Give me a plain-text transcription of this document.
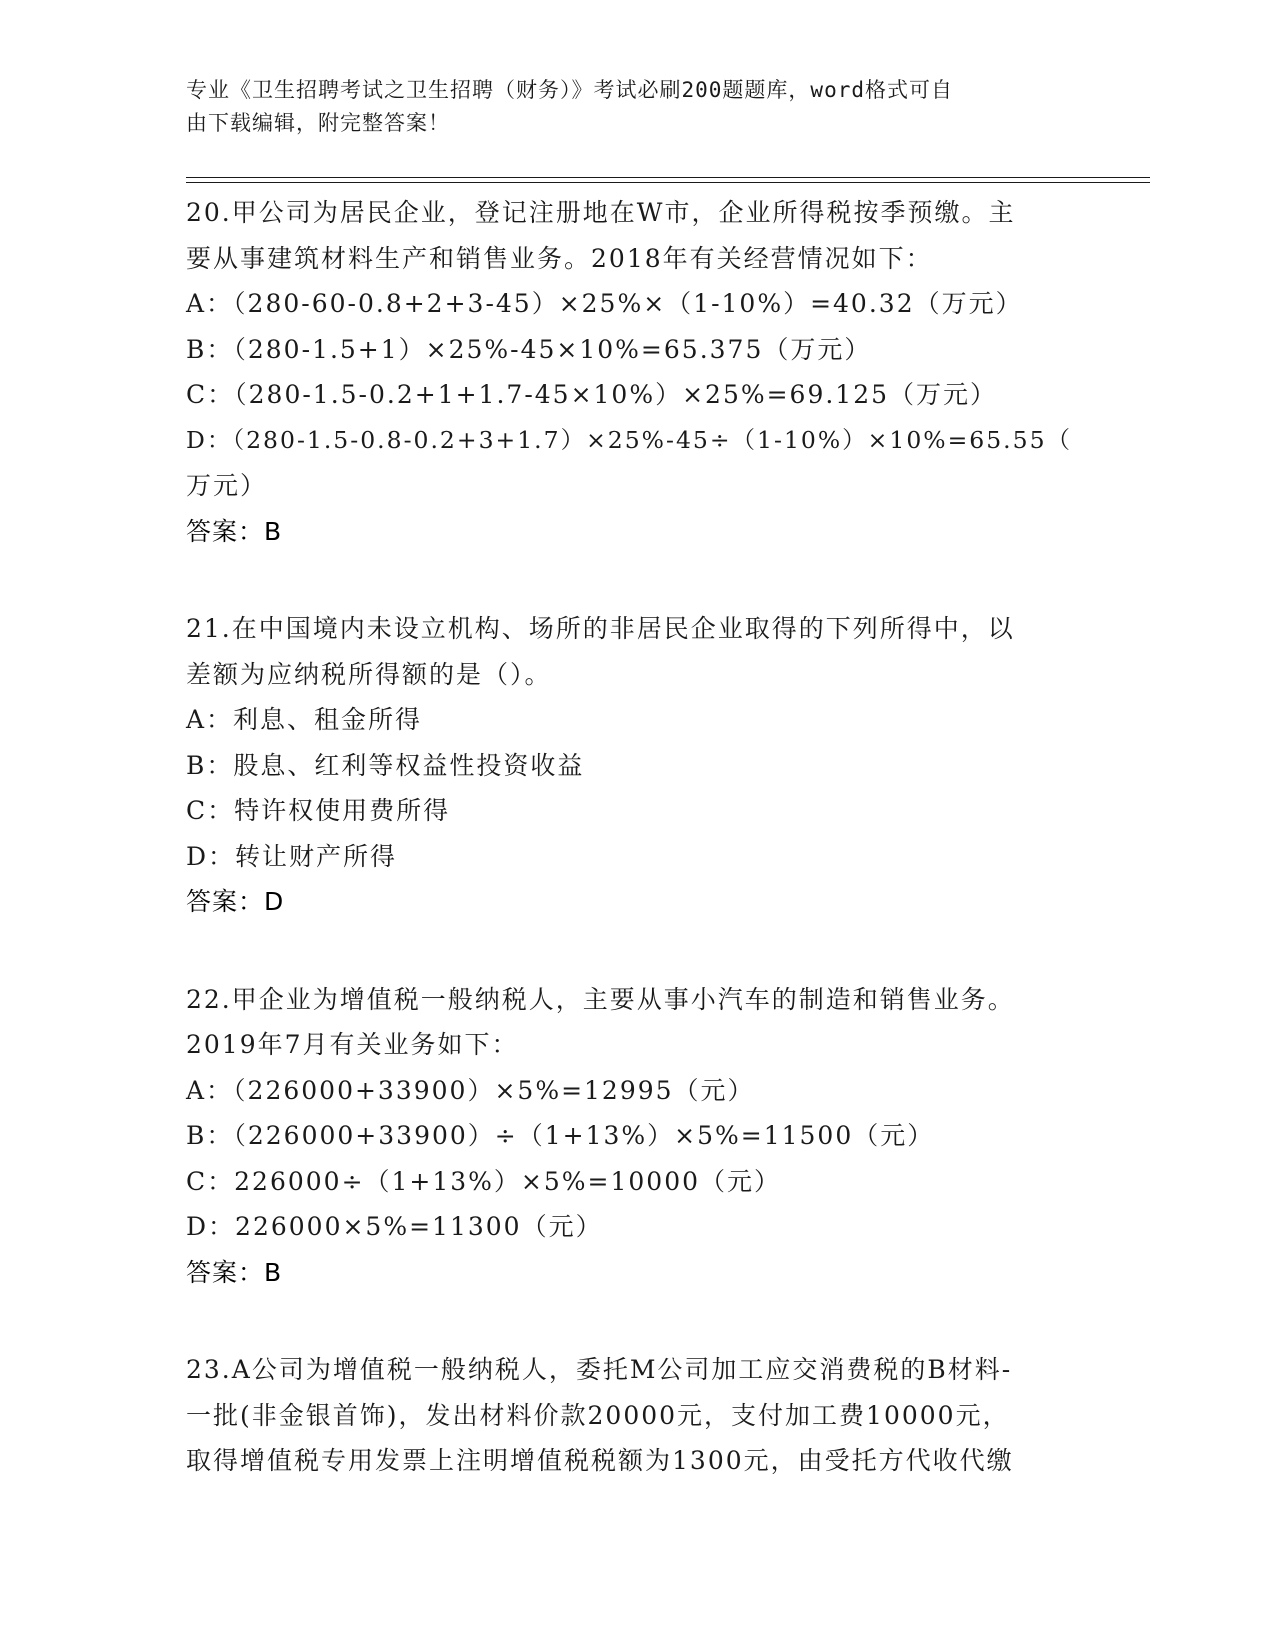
专业《卫生招聘考试之卫生招聘（财务）》考试必刷200题题库，word格式可自
由下载编辑，附完整答案！
20.甲公司为居民企业，登记注册地在W市，企业所得税按季预缴。主
要从事建筑材料生产和销售业务。2018年有关经营情况如下：
A：（280-60-0.8+2+3-45）×25%×（1-10%）=40.32（万元）
B：（280-1.5+1）×25%-45×10%=65.375（万元）
C：（280-1.5-0.2+1+1.7-45×10%）×25%=69.125（万元）
D：（280-1.5-0.8-0.2+3+1.7）×25%-45÷（1-10%）×10%=65.55（
万元）
答案：B
21.在中国境内未设立机构、场所的非居民企业取得的下列所得中，以
差额为应纳税所得额的是（）。
A：利息、租金所得
B：股息、红利等权益性投资收益
C：特许权使用费所得
D：转让财产所得
答案：D
22.甲企业为增值税一般纳税人，主要从事小汽车的制造和销售业务。
2019年7月有关业务如下：
A：（226000+33900）×5%=12995（元）
B：（226000+33900）÷（1+13%）×5%=11500（元）
C：226000÷（1+13%）×5%=10000（元）
D：226000×5%=11300（元）
答案：B
23.A公司为增值税一般纳税人，委托M公司加工应交消费税的B材料-
一批(非金银首饰)，发出材料价款20000元，支付加工费10000元，
取得增值税专用发票上注明增值税税额为1300元，由受托方代收代缴
